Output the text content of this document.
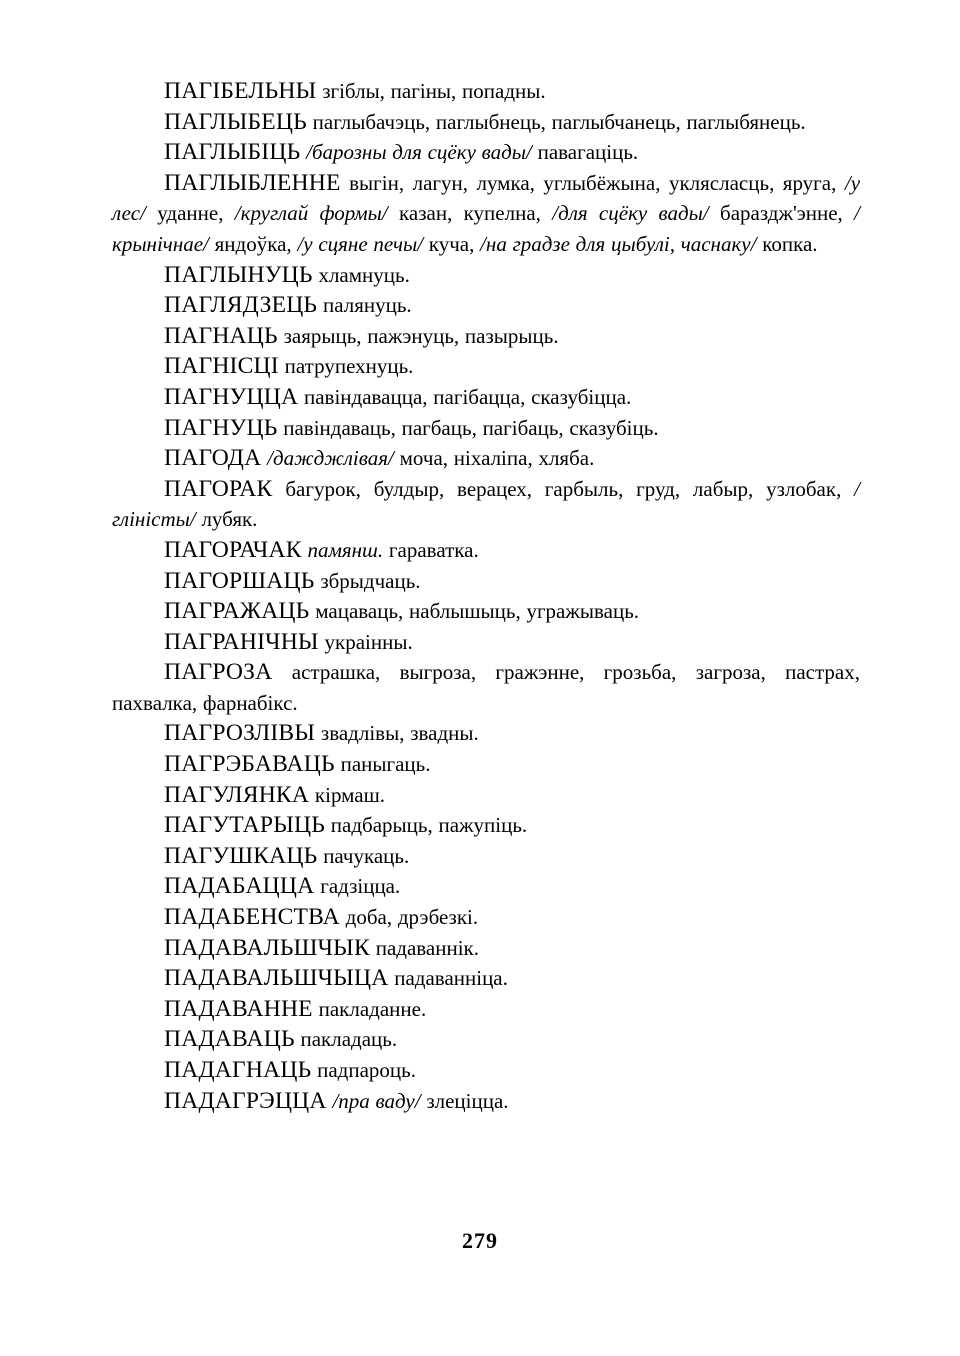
ПАГІБЕЛЬНЫ згіблы, пагіны, попадны.

ПАГЛЫБЕЦЬ паглыбачэць, паглыбнець, паглыбчанець, паглыбянець.

ПАГЛЫБІЦЬ /барозны для сцёку вады/ павагаціць.

ПАГЛЫБЛЕННЕ выгін, лагун, лумка, углыбёжына, уклясласць, яруга, /у лес/ уданне, /круглай формы/ казан, купелна, /для сцёку вады/ бараздж'энне, /крынічнае/ яндоўка, /у сцяне печы/ куча, /на градзе для цыбулі, часнаку/ копка.

ПАГЛЫНУЦЬ хламнуць.

ПАГЛЯДЗЕЦЬ палянуць.

ПАГНАЦЬ заярыць, пажэнуць, пазырыць.

ПАГНІСЦІ патрупехнуць.

ПАГНУЦЦА павіндавацца, пагібацца, сказубіцца.

ПАГНУЦЬ павіндаваць, пагбаць, пагібаць, сказубіць.

ПАГОДА /дажджлівая/ моча, ніхаліпа, хляба.

ПАГОРАК багурок, булдыр, верацех, гарбыль, груд, лабыр, узлобак, /гліністы/ лубяк.

ПАГОРАЧАК памянш. гараватка.

ПАГОРШАЦЬ збрыдчаць.

ПАГРАЖАЦЬ мацаваць, наблышыць, угражываць.

ПАГРАНІЧНЫ украінны.

ПАГРОЗА астрашка, выгроза, гражэнне, грозьба, загроза, пастрах, пахвалка, фарнабікс.

ПАГРОЗЛІВЫ звадлівы, звадны.

ПАГРЭБАВАЦЬ паныгаць.

ПАГУЛЯНКА кірмаш.

ПАГУТАРЫЦЬ падбарыць, пажупіць.

ПАГУШКАЦЬ пачукаць.

ПАДАБАЦЦА гадзіцца.

ПАДАБЕНСТВА доба, дрэбезкі.

ПАДАВАЛЬШЧЫК падаваннік.

ПАДАВАЛЬШЧЫЦА падаванніца.

ПАДАВАННЕ пакладанне.

ПАДАВАЦЬ пакладаць.

ПАДАГНАЦЬ падпароць.

ПАДАГРЭЦЦА /пра ваду/ злеціцца.

279
